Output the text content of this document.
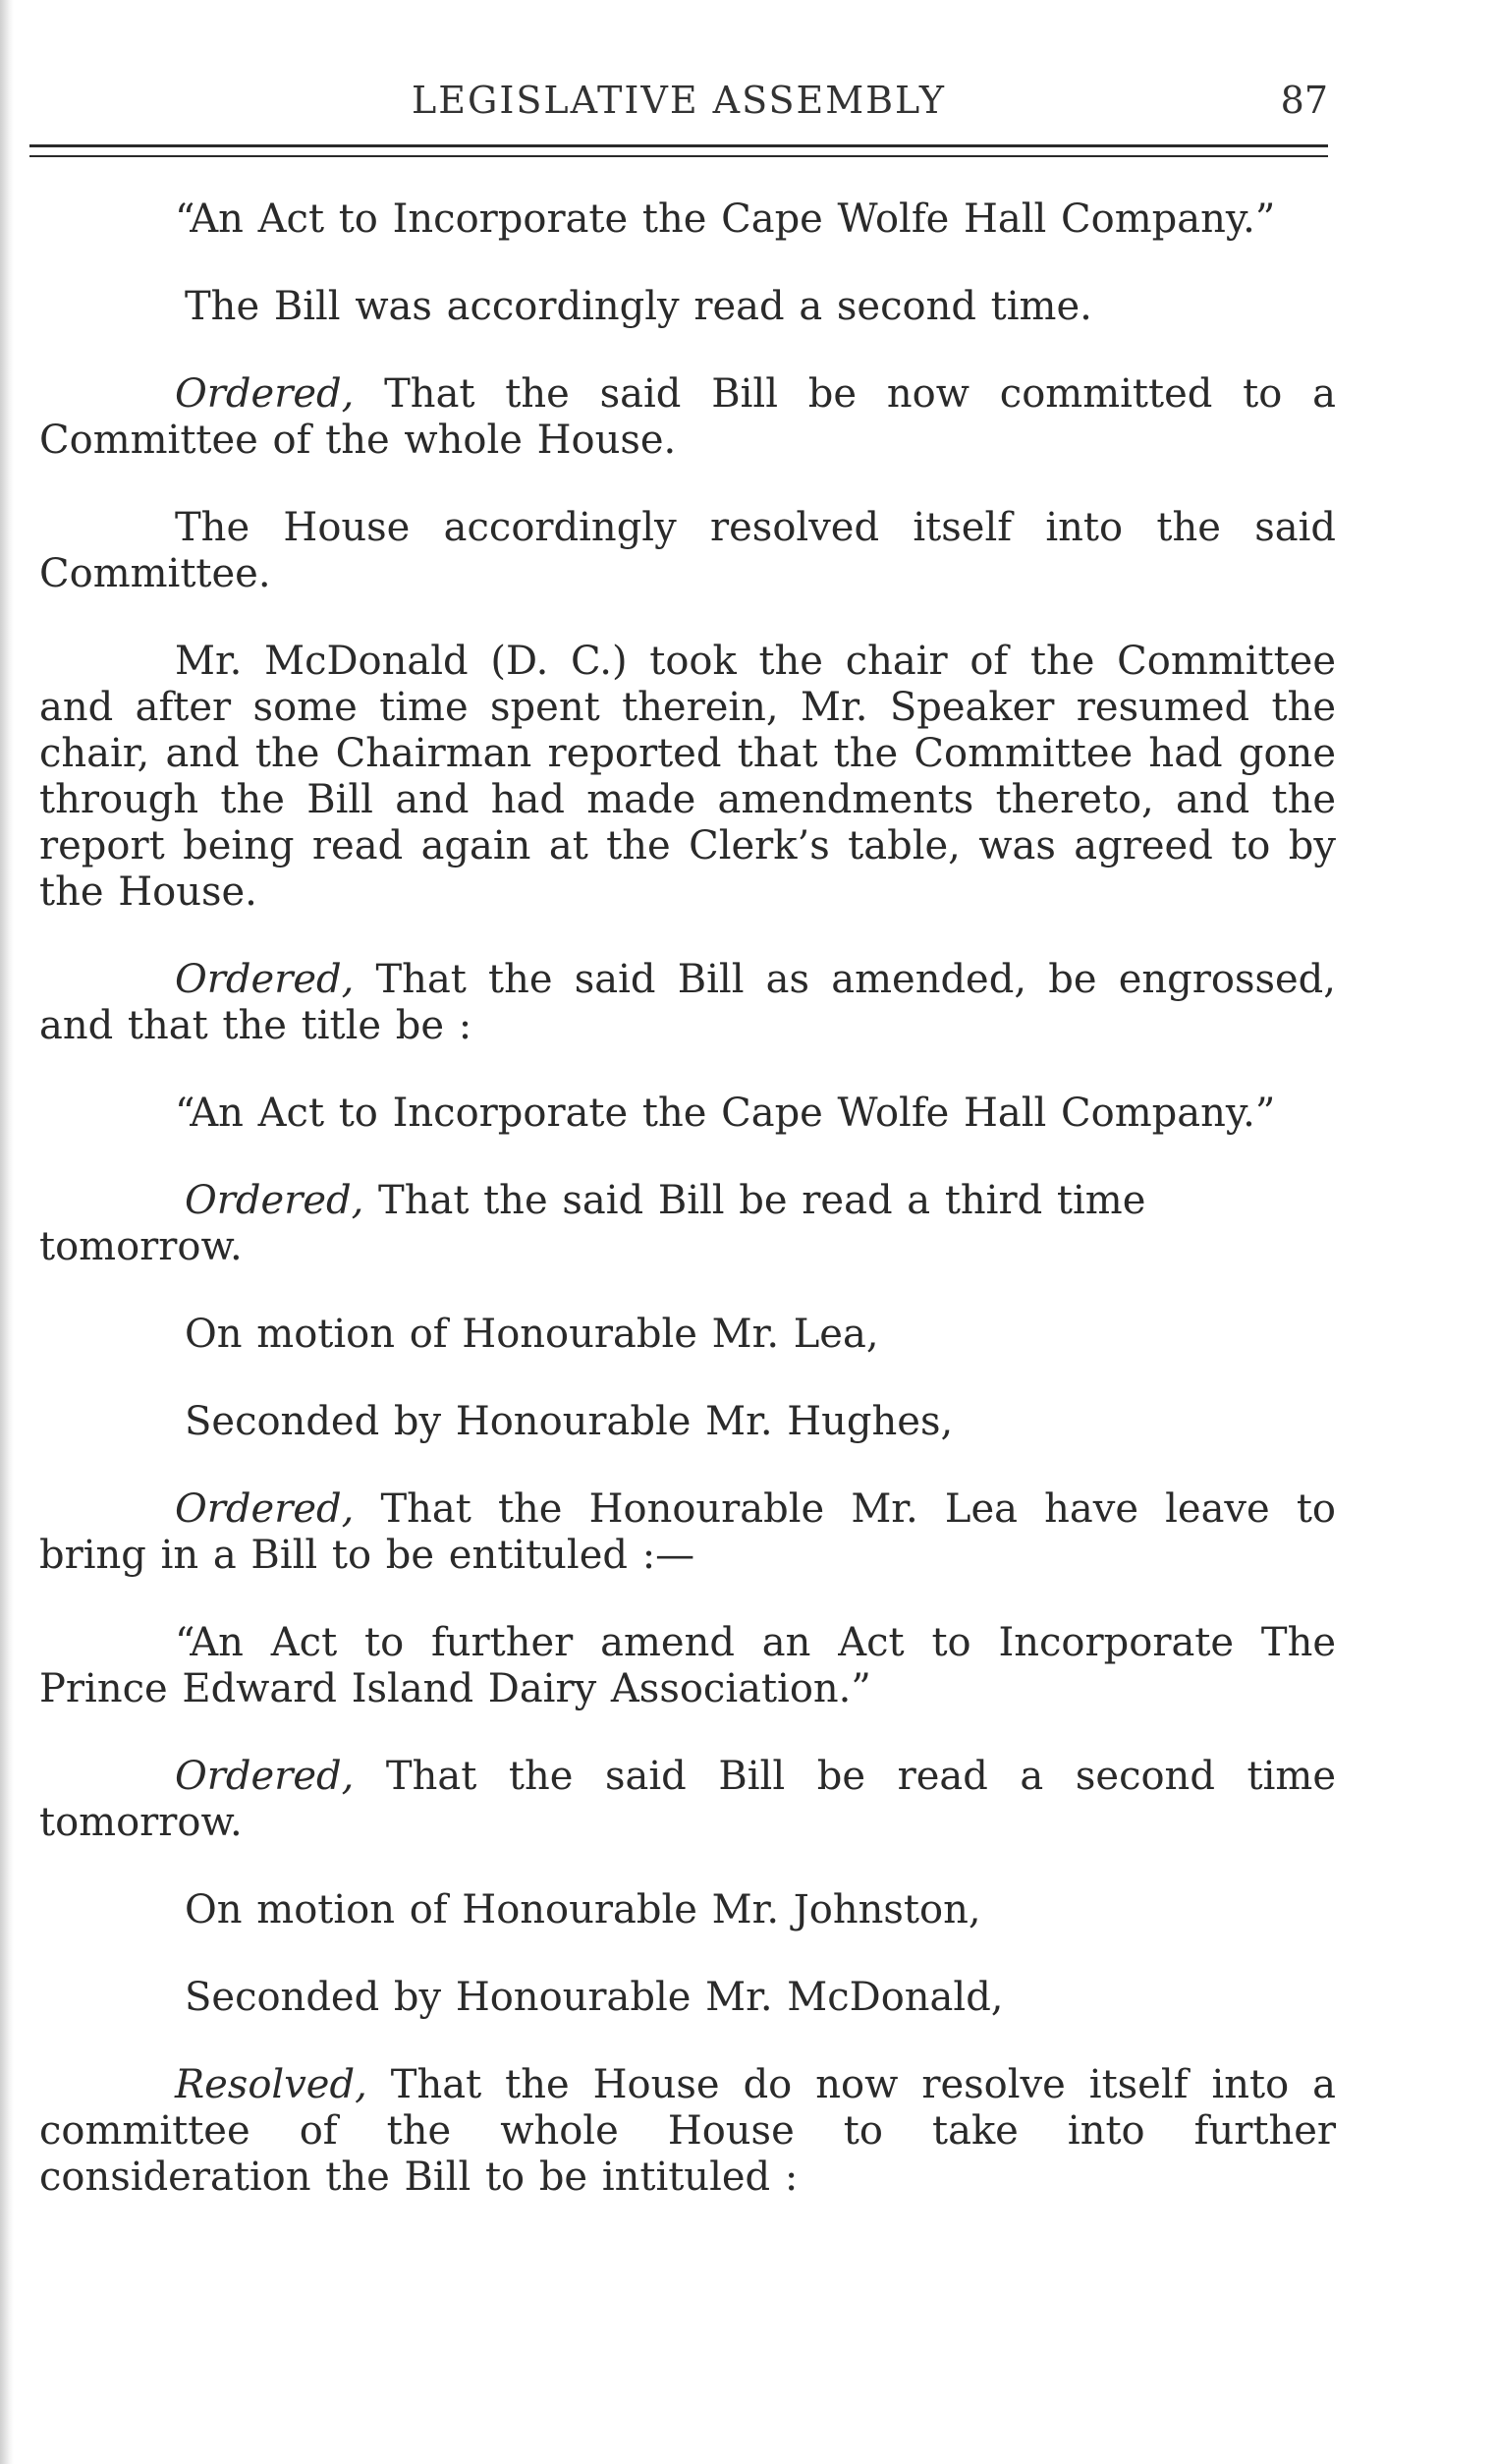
LEGISLATIVE ASSEMBLY	87

“An Act to Incorporate the Cape Wolfe Hall Company.”

The Bill was accordingly read a second time.

Ordered, That the said Bill be now committed to a Committee of the whole House.

The House accordingly resolved itself into the said Committee.

Mr. McDonald (D. C.) took the chair of the Committee and after some time spent therein, Mr. Speaker resumed the chair, and the Chairman reported that the Committee had gone through the Bill and had made amendments thereto, and the report being read again at the Clerk’s table, was agreed to by the House.

Ordered, That the said Bill as amended, be engrossed, and that the title be :

“An Act to Incorporate the Cape Wolfe Hall Company.”

Ordered, That the said Bill be read a third time tomorrow.

On motion of Honourable Mr. Lea,

Seconded by Honourable Mr. Hughes,

Ordered, That the Honourable Mr. Lea have leave to bring in a Bill to be entituled :—

“An Act to further amend an Act to Incorporate The Prince Edward Island Dairy Association.”

Ordered, That the said Bill be read a second time tomorrow.

On motion of Honourable Mr. Johnston,

Seconded by Honourable Mr. McDonald,

Resolved, That the House do now resolve itself into a committee of the whole House to take into further consideration the Bill to be intituled :
